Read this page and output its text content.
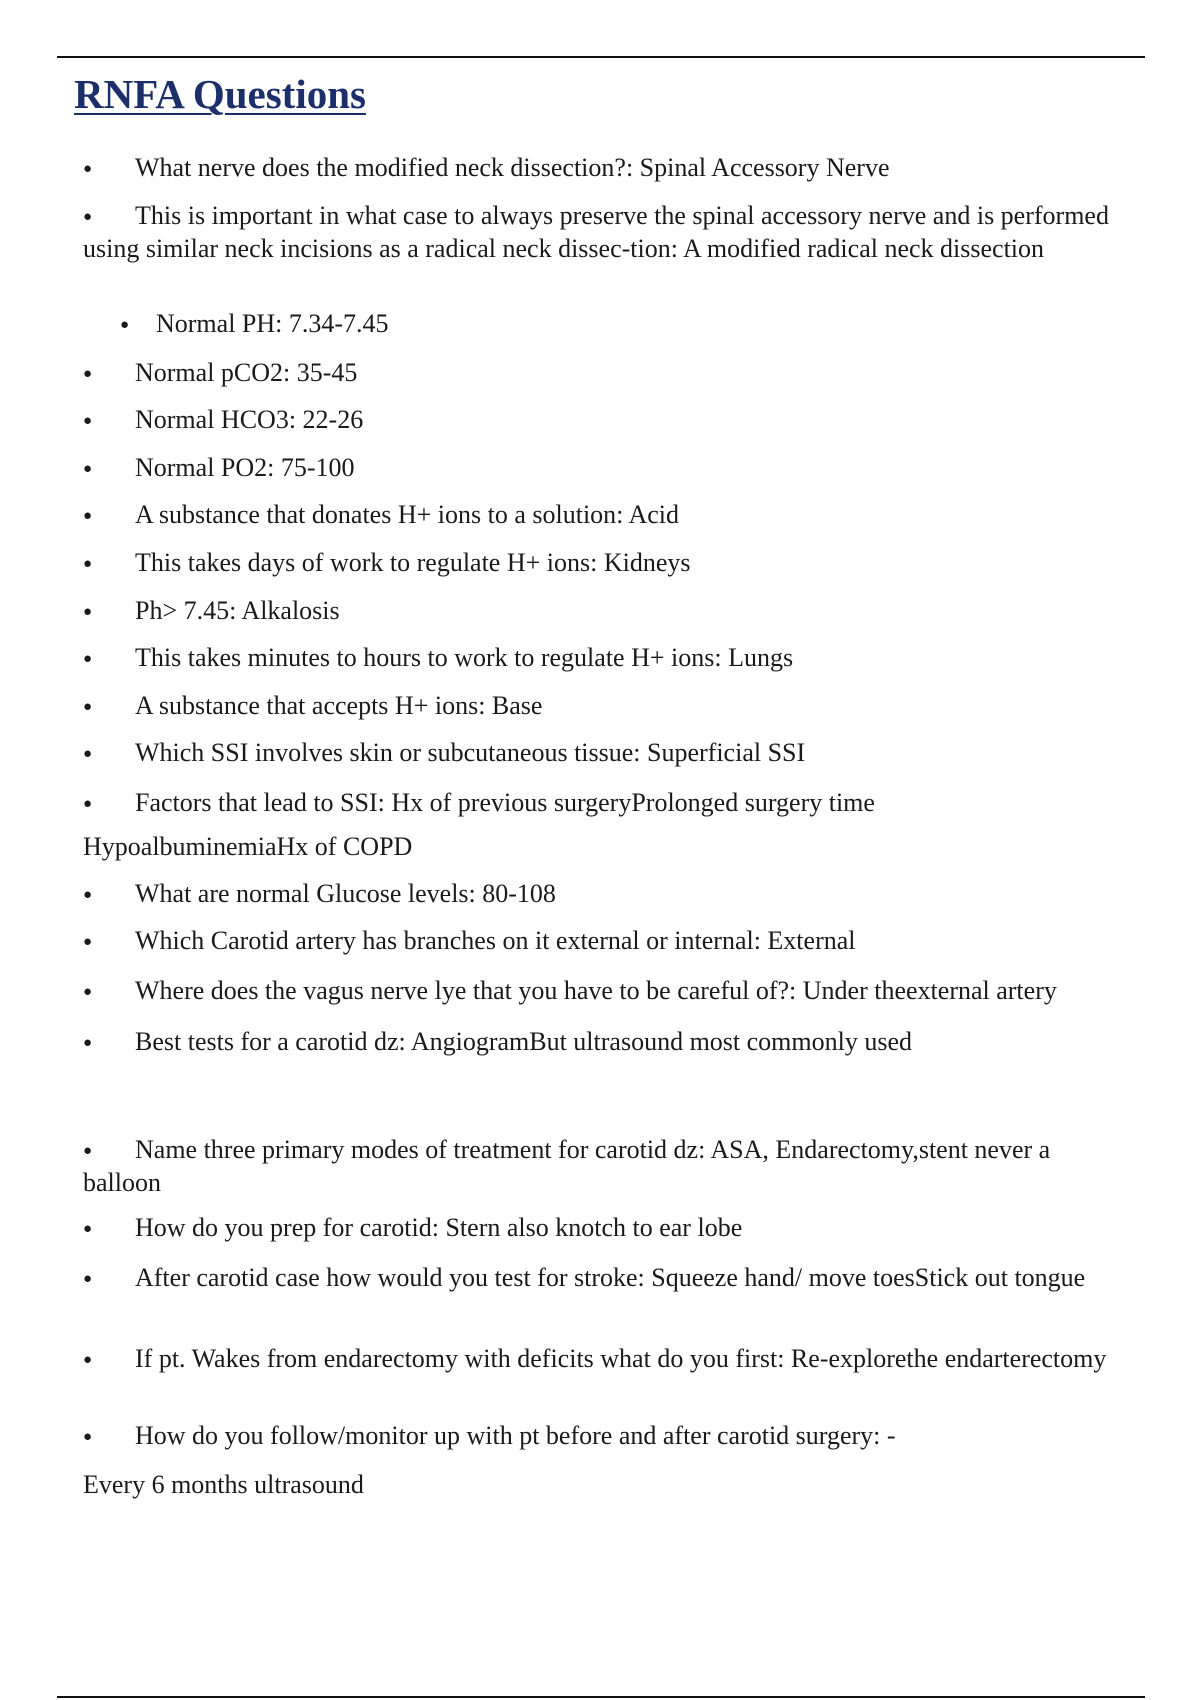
RNFA Questions
●What nerve does the modified neck dissection?: Spinal Accessory Nerve
●This is important in what case to always preserve the spinal accessory nerve and is performed using similar neck incisions as a radical neck dissec-tion: A modified radical neck dissection
●Normal PH: 7.34-7.45
●Normal pCO2: 35-45
●Normal HCO3: 22-26
●Normal PO2: 75-100
●A substance that donates H+ ions to a solution: Acid
●This takes days of work to regulate H+ ions: Kidneys
●Ph> 7.45: Alkalosis
●This takes minutes to hours to work to regulate H+ ions: Lungs
●A substance that accepts H+ ions: Base
●Which SSI involves skin or subcutaneous tissue: Superficial SSI
●Factors that lead to SSI: Hx of previous surgeryProlonged surgery time
HypoalbuminemiaHx of COPD
●What are normal Glucose levels: 80-108
●Which Carotid artery has branches on it external or internal: External
●Where does the vagus nerve lye that you have to be careful of?: Under theexternal artery
●Best tests for a carotid dz: AngiogramBut ultrasound most commonly used
●Name three primary modes of treatment for carotid dz: ASA, Endarectomy,stent never a balloon
●How do you prep for carotid: Stern also knotch to ear lobe
●After carotid case how would you test for stroke: Squeeze hand/ move toesStick out tongue
●If pt. Wakes from endarectomy with deficits what do you first: Re-explorethe endarterectomy
●How do you follow/monitor up with pt before and after carotid surgery: -
Every 6 months ultrasound
